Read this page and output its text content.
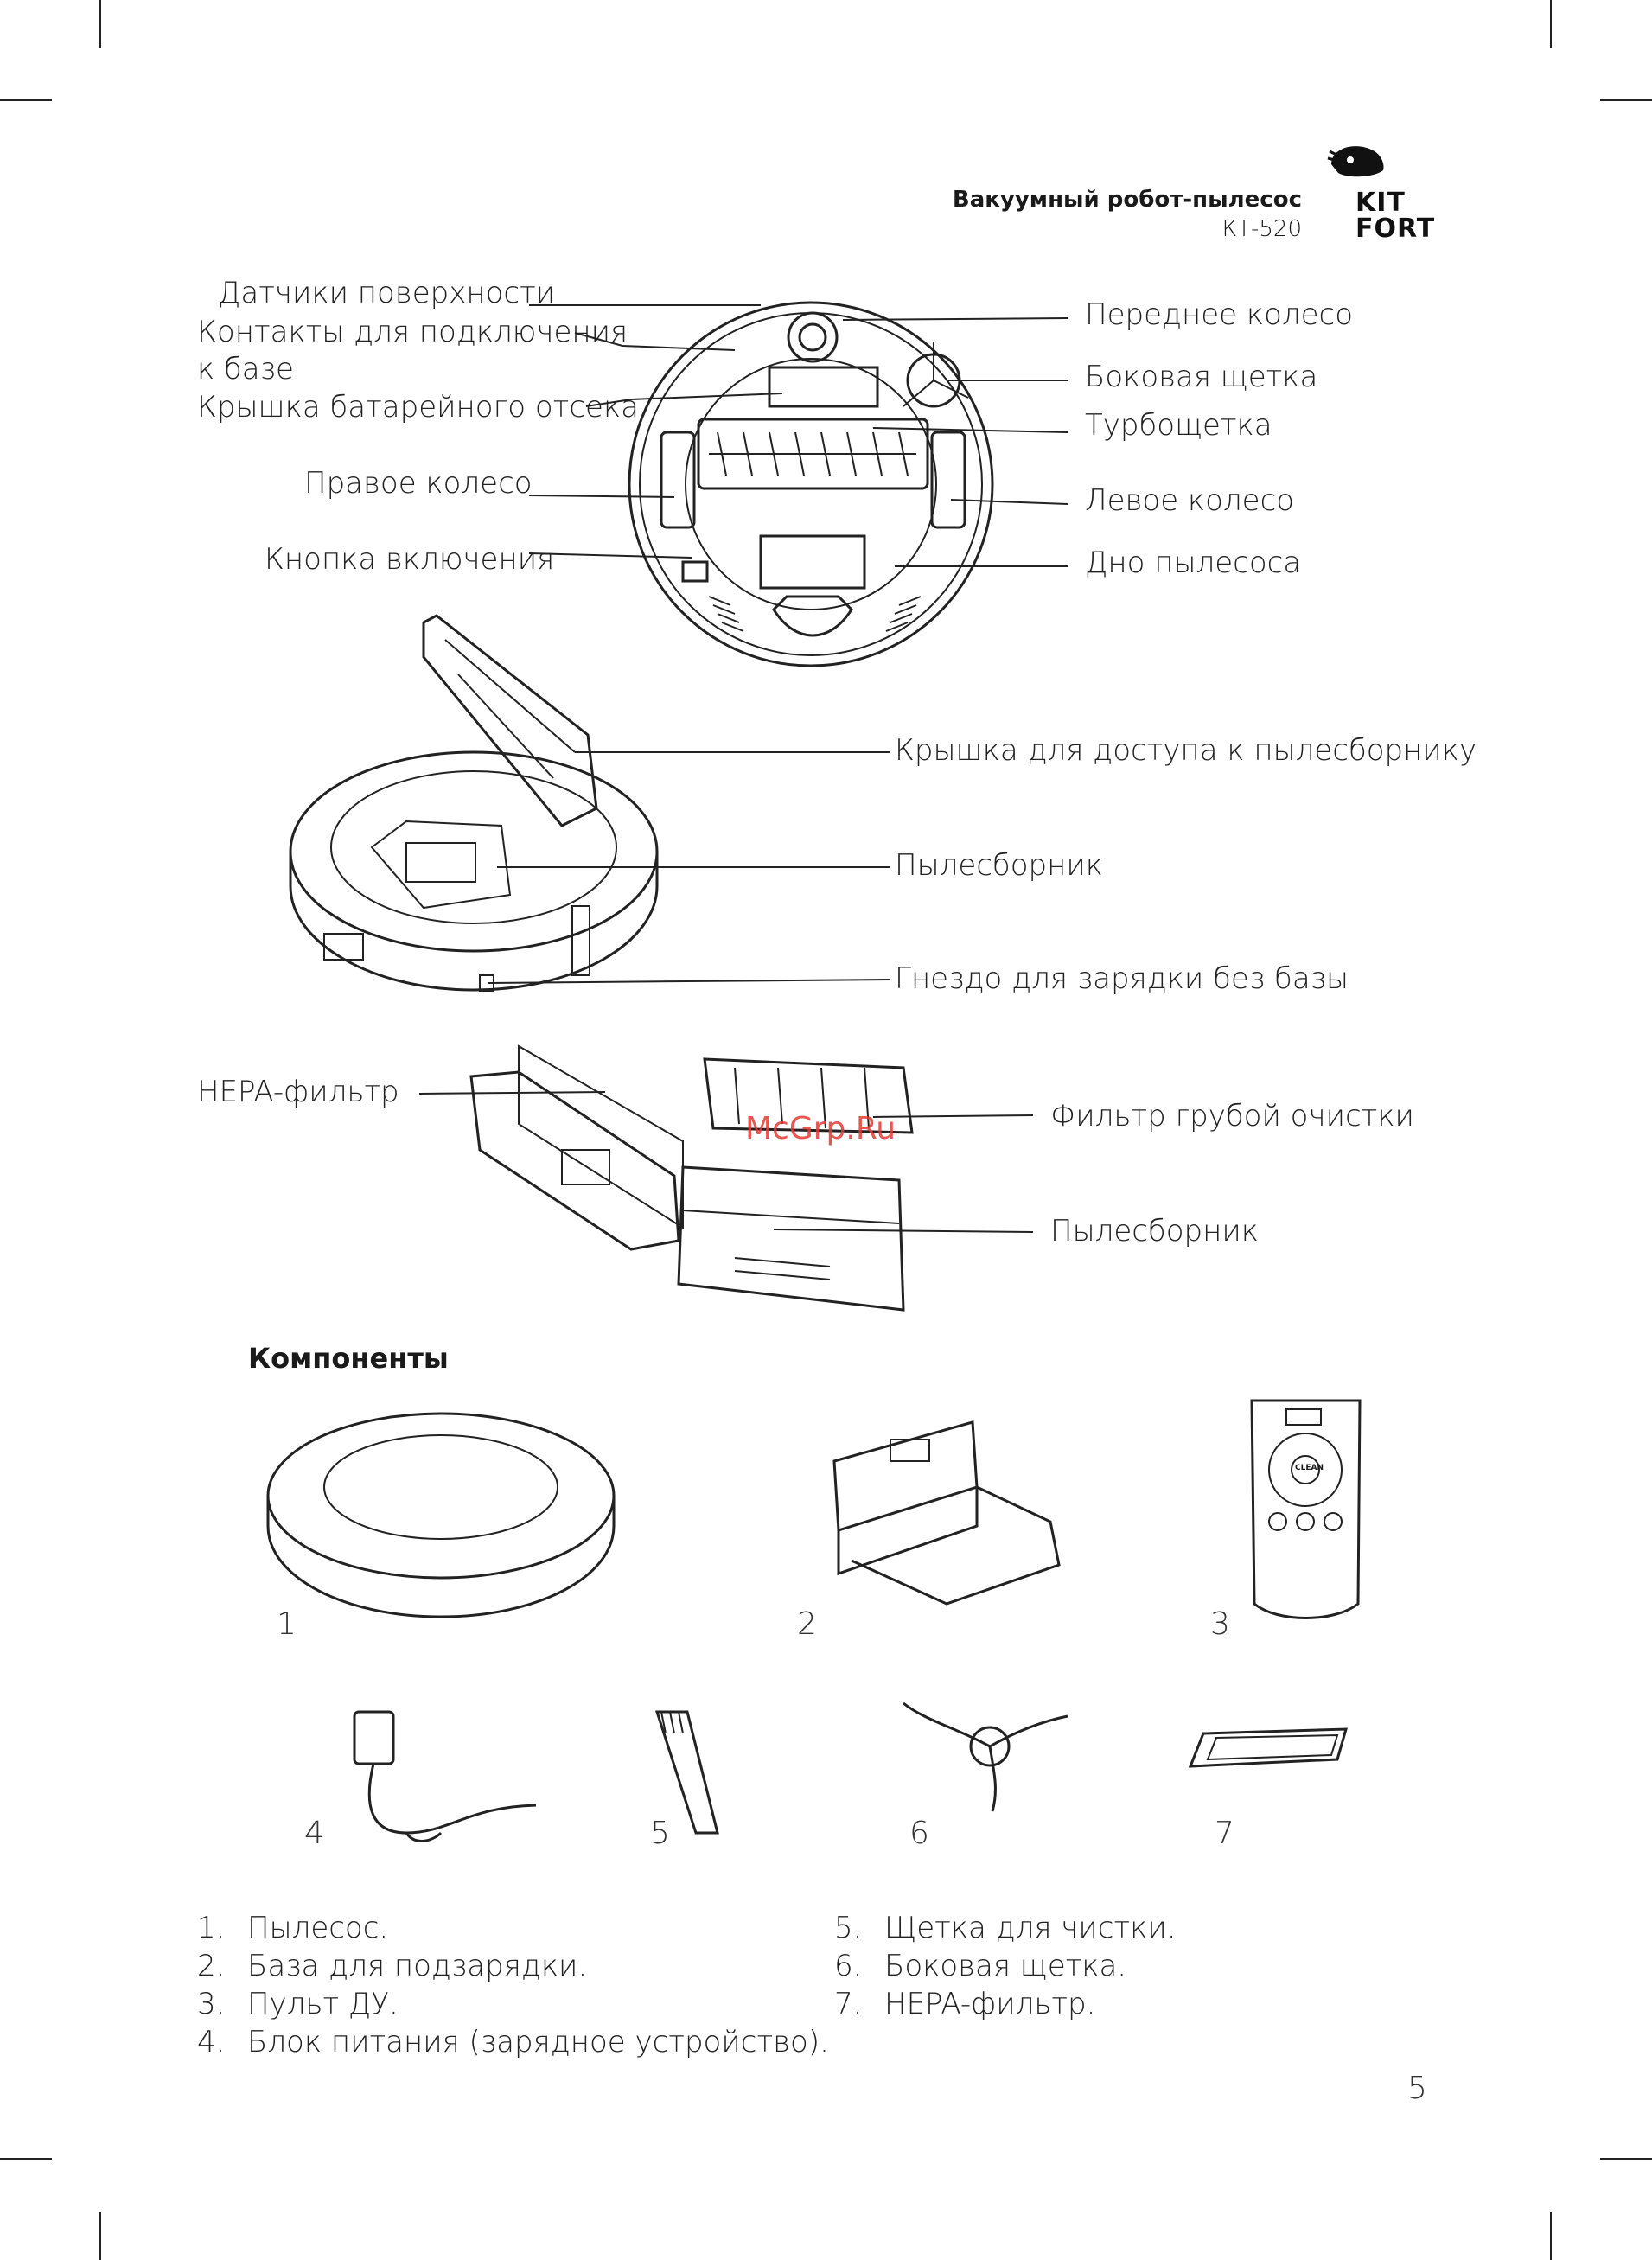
Вакуумный робот-пылесос
КТ-520
KIT
FORT
Датчики поверхности
Контакты для подключения
к базе
Крышка батарейного отсека
Правое колесо
Кнопка включения
Переднее колесо
Боковая щетка
Турбощетка
Левое колесо
Дно пылесоса
Крышка для доступа к пылесборнику
Пылесборник
Гнездо для зарядки без базы
HEPA-фильтр
Фильтр грубой очистки
Пылесборник
McGrp.Ru
Компоненты
CLEAN
1	2	3
4	5	6	7
1. Пылесос.
2. База для подзарядки.
3. Пульт ДУ.
4. Блок питания (зарядное устройство).
5. Щетка для чистки.
6. Боковая щетка.
7. HEPA-фильтр.
5
